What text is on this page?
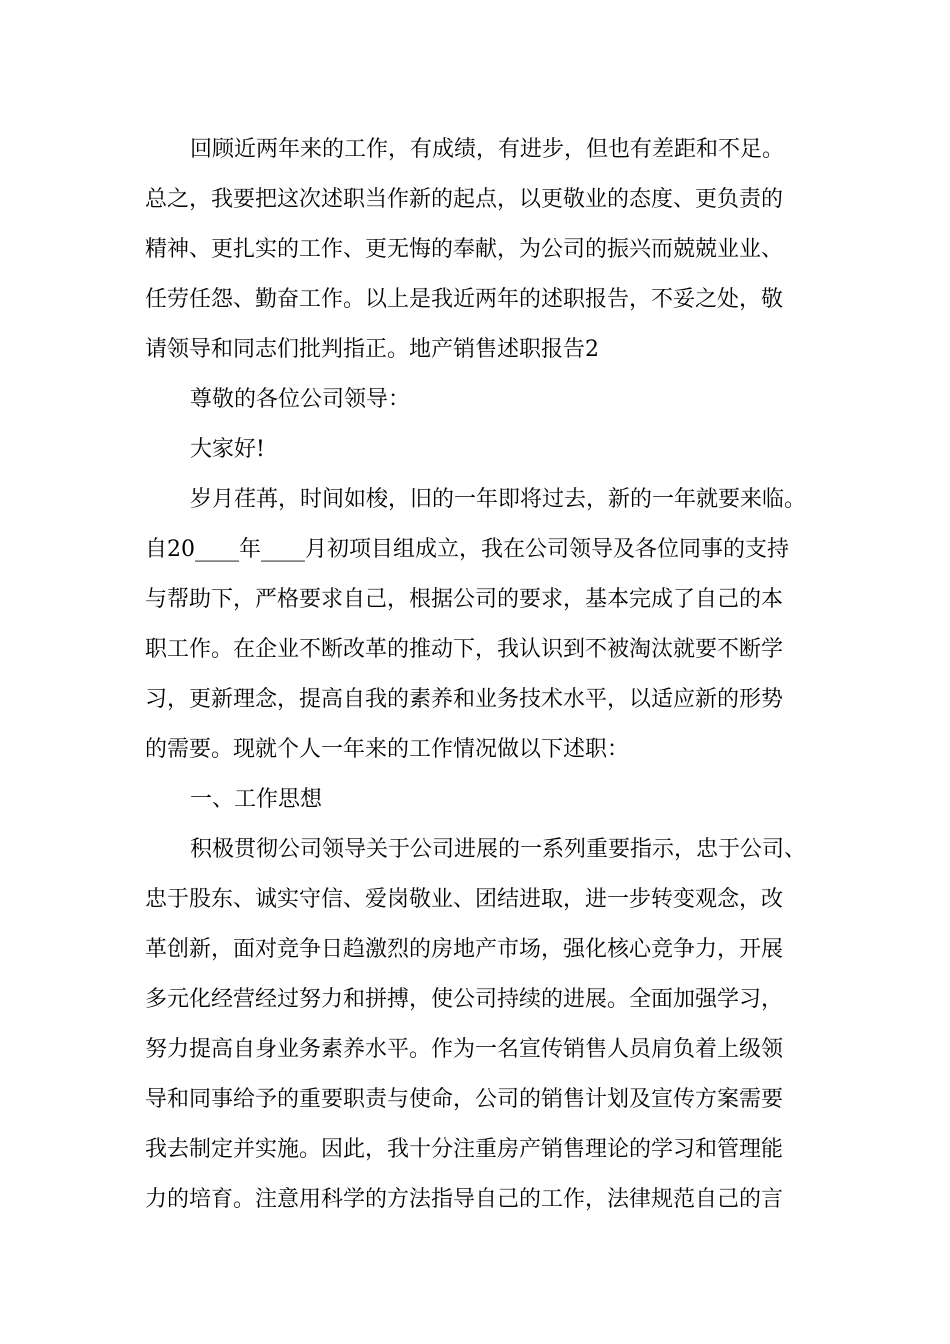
回顾近两年来的工作，有成绩，有进步，但也有差距和不足。

总之，我要把这次述职当作新的起点，以更敬业的态度、更负责的

精神、更扎实的工作、更无悔的奉献，为公司的振兴而兢兢业业、

任劳任怨、勤奋工作。以上是我近两年的述职报告，不妥之处，敬

请领导和同志们批判指正。地产销售述职报告2

尊敬的各位公司领导：

大家好!

岁月荏苒，时间如梭，旧的一年即将过去，新的一年就要来临。

自20____年____月初项目组成立，我在公司领导及各位同事的支持

与帮助下，严格要求自己，根据公司的要求，基本完成了自己的本

职工作。在企业不断改革的推动下，我认识到不被淘汰就要不断学

习，更新理念，提高自我的素养和业务技术水平，以适应新的形势

的需要。现就个人一年来的工作情况做以下述职：

一、工作思想

积极贯彻公司领导关于公司进展的一系列重要指示，忠于公司、

忠于股东、诚实守信、爱岗敬业、团结进取，进一步转变观念，改

革创新，面对竞争日趋激烈的房地产市场，强化核心竞争力，开展

多元化经营经过努力和拼搏，使公司持续的进展。全面加强学习，

努力提高自身业务素养水平。作为一名宣传销售人员肩负着上级领

导和同事给予的重要职责与使命，公司的销售计划及宣传方案需要

我去制定并实施。因此，我十分注重房产销售理论的学习和管理能

力的培育。注意用科学的方法指导自己的工作，法律规范自己的言
